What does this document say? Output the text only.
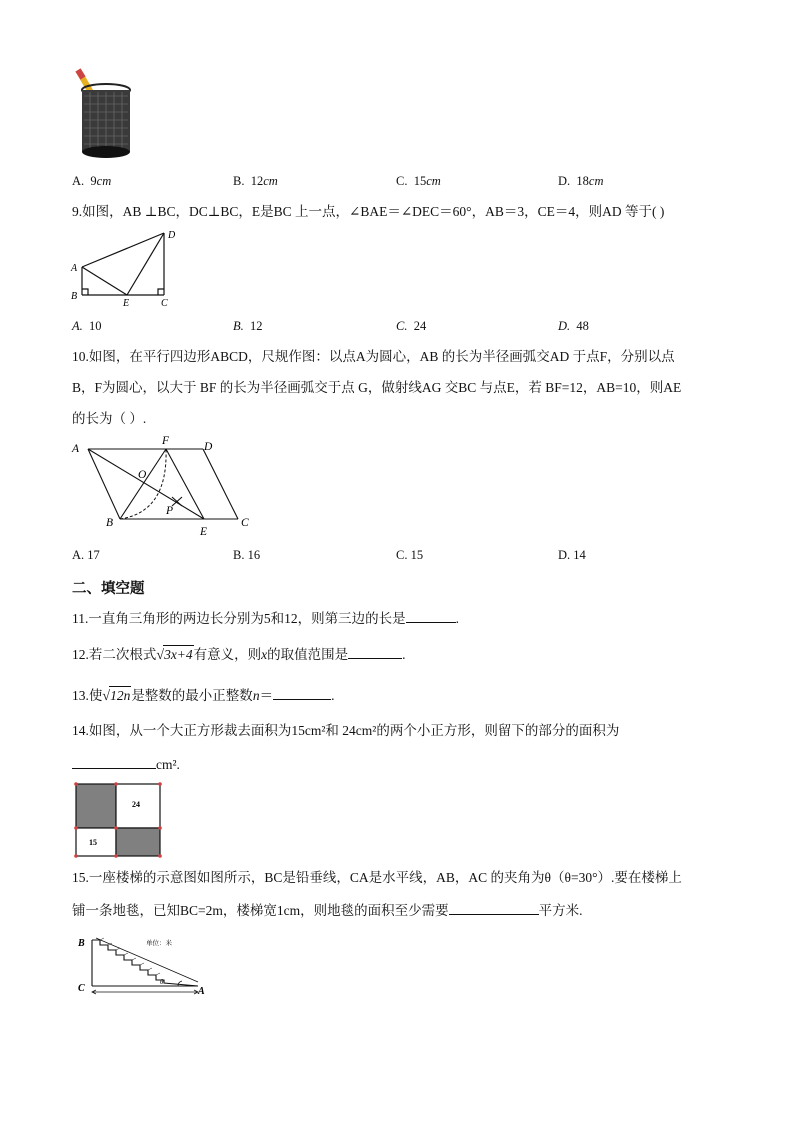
A. 9cm	B. 12cm	C. 15cm	D. 18cm
9.如图，AB ⊥BC，DC⊥BC，E是BC 上一点，∠BAE＝∠DEC＝60°，AB＝3，CE＝4，则AD 等于( )
D
A
B
E	C
A. 10	B. 12	C. 24	D. 48
10.如图，在平行四边形ABCD，尺规作图：以点A为圆心，AB 的长为半径画弧交AD 于点F，分别以点
B，F为圆心，以大于 BF 的长为半径画弧交于点 G，做射线AG 交BC 与点E，若 BF=12，AB=10，则AE
的长为（ ）.
A
F	D
O
P
B
E
C
A. 17	B. 16	C. 15	D. 14
二、填空题
11.一直角三角形的两边长分别为5和12，则第三边的长是	.
12.若二次根式√3x+4有意义，则x的取值范围是	.
13.使√12n是整数的最小正整数n＝	.
14.如图，从一个大正方形裁去面积为15cm²和 24cm²的两个小正方形，则留下的部分的面积为
cm².
24
15
15.一座楼梯的示意图如图所示，BC是铅垂线，CA是水平线，AB，AC 的夹角为θ（θ=30°）.要在楼梯上
铺一条地毯，已知BC=2m，楼梯宽1cm，则地毯的面积至少需要	平方米.
B
C	A
θ
单位：米
